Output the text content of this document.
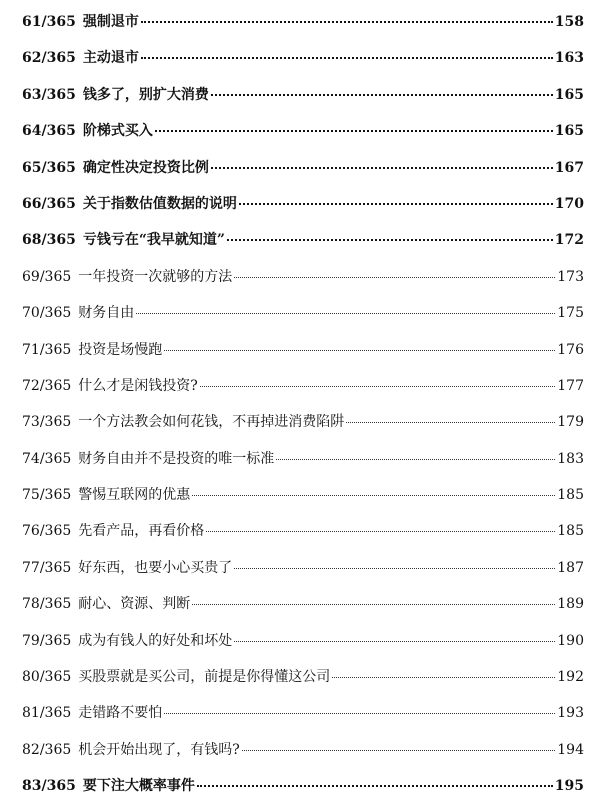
61/365 强制退市	158
62/365 主动退市	163
63/365 钱多了，别扩大消费	165
64/365 阶梯式买入	165
65/365 确定性决定投资比例	167
66/365 关于指数估值数据的说明	170
68/365 亏钱亏在“我早就知道”	172
69/365 一年投资一次就够的方法	173
70/365 财务自由	175
71/365 投资是场慢跑	176
72/365 什么才是闲钱投资?	177
73/365 一个方法教会如何花钱，不再掉进消费陷阱	179
74/365 财务自由并不是投资的唯一标准	183
75/365 警惕互联网的优惠	185
76/365 先看产品，再看价格	185
77/365 好东西，也要小心买贵了	187
78/365 耐心、资源、判断	189
79/365 成为有钱人的好处和坏处	190
80/365 买股票就是买公司，前提是你得懂这公司	192
81/365 走错路不要怕	193
82/365 机会开始出现了，有钱吗?	194
83/365 要下注大概率事件	195
